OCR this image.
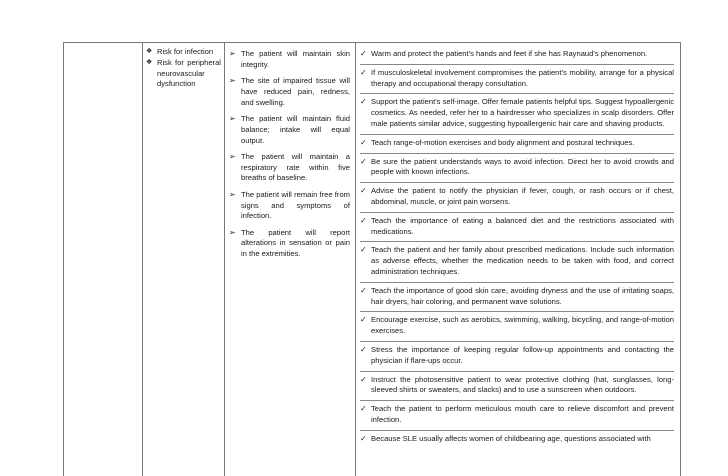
❖ Risk for infection
❖ Risk for peripheral neurovascular dysfunction
➢ The patient will maintain skin integrity.
➢ The site of impaired tissue will have reduced pain, redness, and swelling.
➢ The patient will maintain fluid balance; intake will equal output.
➢ The patient will maintain a respiratory rate within five breaths of baseline.
➢ The patient will remain free from signs and symptoms of infection.
➢ The patient will report alterations in sensation or pain in the extremities.
✓ Warm and protect the patient's hands and feet if she has Raynaud's phenomenon.
✓ If musculoskeletal involvement compromises the patient's mobility, arrange for a physical therapy and occupational therapy consultation.
✓ Support the patient's self-image. Offer female patients helpful tips. Suggest hypoallergenic cosmetics. As needed, refer her to a hairdresser who specializes in scalp disorders. Offer male patients similar advice, suggesting hypoallergenic hair care and shaving products.
✓ Teach range-of-motion exercises and body alignment and postural techniques.
✓ Be sure the patient understands ways to avoid infection. Direct her to avoid crowds and people with known infections.
✓ Advise the patient to notify the physician if fever, cough, or rash occurs or if chest, abdominal, muscle, or joint pain worsens.
✓ Teach the importance of eating a balanced diet and the restrictions associated with medications.
✓ Teach the patient and her family about prescribed medications. Include such information as adverse effects, whether the medication needs to be taken with food, and correct administration techniques.
✓ Teach the importance of good skin care, avoiding dryness and the use of irritating soaps, hair dryers, hair coloring, and permanent wave solutions.
✓ Encourage exercise, such as aerobics, swimming, walking, bicycling, and range-of-motion exercises.
✓ Stress the importance of keeping regular follow-up appointments and contacting the physician if flare-ups occur.
✓ Instruct the photosensitive patient to wear protective clothing (hat, sunglasses, long-sleeved shirts or sweaters, and slacks) and to use a sunscreen when outdoors.
✓ Teach the patient to perform meticulous mouth care to relieve discomfort and prevent infection.
✓ Because SLE usually affects women of childbearing age, questions associated with
